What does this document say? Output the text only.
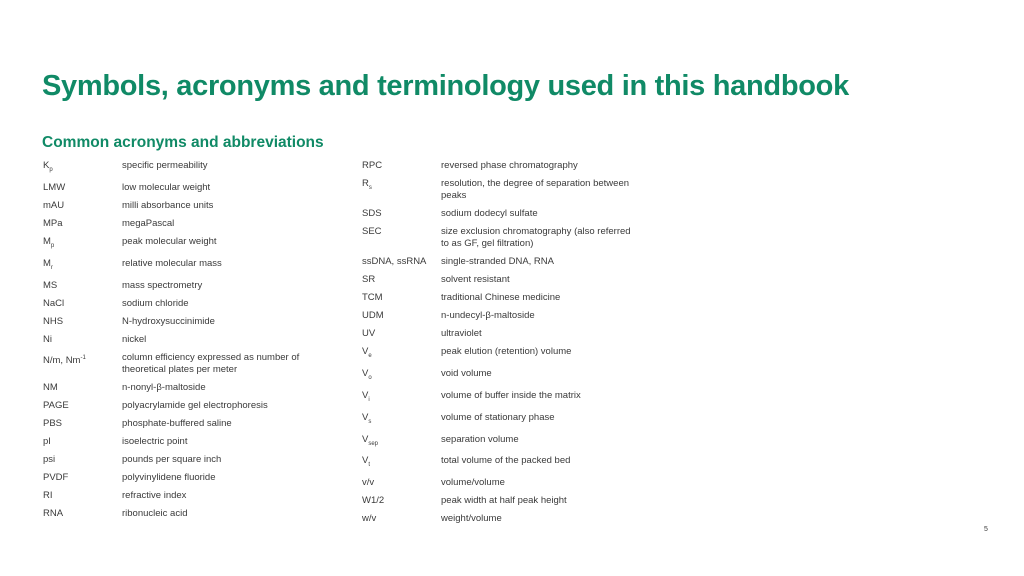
Symbols, acronyms and terminology used in this handbook
Common acronyms and abbreviations
$K_p$	specific permeability
LMW	low molecular weight
mAU	milli absorbance units
MPa	megaPascal
$M_p$	peak molecular weight
$M_r$	relative molecular mass
MS	mass spectrometry
NaCl	sodium chloride
NHS	N-hydroxysuccinimide
Ni	nickel
N/m, $Nm^{-1}$	column efficiency expressed as number of theoretical plates per meter
NM	n-nonyl-β-maltoside
PAGE	polyacrylamide gel electrophoresis
PBS	phosphate-buffered saline
pI	isoelectric point
psi	pounds per square inch
PVDF	polyvinylidene fluoride
RI	refractive index
RNA	ribonucleic acid
RPC	reversed phase chromatography
$R_s$	resolution, the degree of separation between peaks
SDS	sodium dodecyl sulfate
SEC	size exclusion chromatography (also referred to as GF, gel filtration)
ssDNA, ssRNA	single-stranded DNA, RNA
SR	solvent resistant
TCM	traditional Chinese medicine
UDM	n-undecyl-β-maltoside
UV	ultraviolet
$V_e$	peak elution (retention) volume
$V_o$	void volume
$V_i$	volume of buffer inside the matrix
$V_s$	volume of stationary phase
$V_{sep}$	separation volume
$V_t$	total volume of the packed bed
v/v	volume/volume
W1/2	peak width at half peak height
w/v	weight/volume
5
